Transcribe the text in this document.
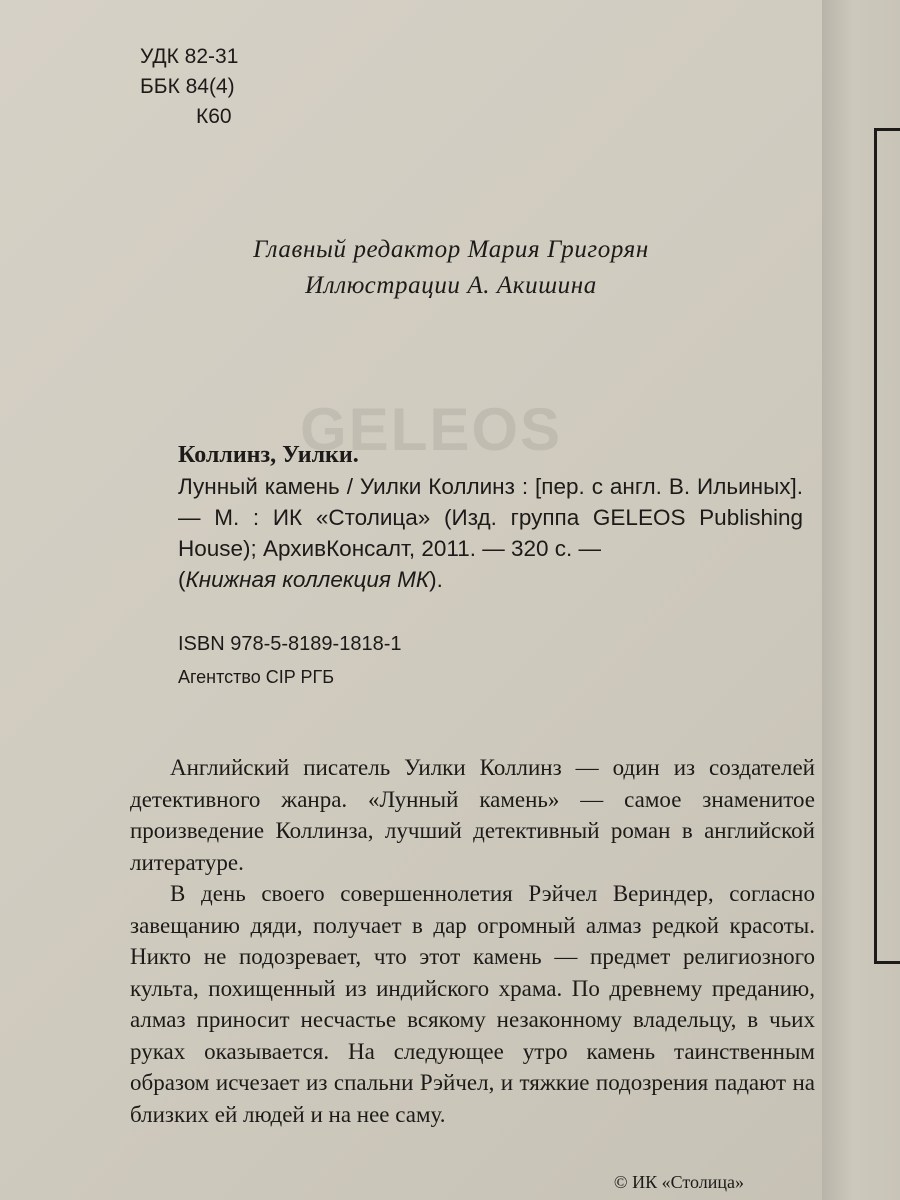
GELEOS
УДК 82-31
ББК 84(4)
К60
Главный редактор Мария Григорян
Иллюстрации А. Акишина
Коллинз, Уилки.
Лунный камень / Уилки Коллинз : [пер. с англ. В. Ильиных]. — М. : ИК «Столица» (Изд. группа GELEOS Publishing House); АрхивКонсалт, 2011. — 320 с. —
(Книжная коллекция МК).
ISBN 978-5-8189-1818-1
Агентство CIP РГБ

Английский писатель Уилки Коллинз — один из создателей детективного жанра. «Лунный камень» — самое знаменитое произведение Коллинза, лучший детективный роман в английской литературе.

В день своего совершеннолетия Рэйчел Вериндер, согласно завещанию дяди, получает в дар огромный алмаз редкой красоты. Никто не подозревает, что этот камень — предмет религиозного культа, похищенный из индийского храма. По древнему преданию, алмаз приносит несчастье всякому незаконному владельцу, в чьих руках оказывается. На следующее утро камень таинственным образом исчезает из спальни Рэйчел, и тяжкие подозрения падают на близких ей людей и на нее саму.

© ИК «Столица»
